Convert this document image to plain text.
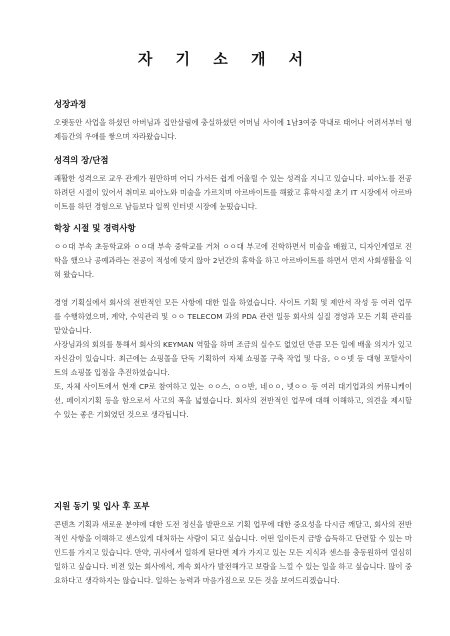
자 기 소 개 서
성장과정

오랫동안 사업을 하셨던 아버님과 집안살림에 충실하셨던 어머님 사이에 1남3여중 막내로 태어나 어려서부터 형제들간의 우애를 쌓으며 자라왔습니다.

성격의 장/단점

쾌활한 성격으로 교우 관계가 원만하며 어디 가서든 쉽게 어울릴 수 있는 성격을 지니고 있습니다. 피아노를 전공하려던 시절이 있어서 취미로 피아노와 미술을 가르치며 아르바이트를 해왔고 휴학시절 초기 IT 시장에서 아르바이트를 하던 경험으로 남들보다 일찍 인터넷 시장에 눈떴습니다.

학창 시절 및 경력사항

ㅇㅇ대 부속 초등학교와 ㅇㅇ대 부속 중학교를 거쳐 ㅇㅇ대 부고에 진학하면서 미술을 배웠고, 디자인계열로 진학을 했으나 공예과라는 전공이 적성에 맞지 않아 2년간의 휴학을 하고 아르바이트를 하면서 먼저 사회생활을 익혀 왔습니다.

경영 기획실에서 회사의 전반적인 모든 사항에 대한 일을 하였습니다. 사이트 기획 및 제안서 작성 등 여러 업무를 수행하였으며, 계약, 수익관리 및 ㅇㅇ TELECOM 과의 PDA 관련 일등 회사의 실질 경영과 모든 기획 관리를 맡았습니다.

사장님과의 회의를 통해서 회사의 KEYMAN 역할을 하며 조금의 실수도 없었던 만큼 모든 일에 배울 의지가 있고 자신감이 있습니다. 최근에는 쇼핑몰을 단독 기획하여 자체 쇼핑몰 구축 작업 및 다음, ㅇㅇ넷 등 대형 포탈사이트의 쇼핑몰 입점을 추진하였습니다.

또, 자체 사이트에서 현재 CP로 참여하고 있는 ㅇㅇ스, ㅇㅇ반, 네ㅇㅇ, 넷ㅇㅇ 등 여러 대기업과의 커뮤니케이션, 페이지기획 등을 함으로서 사고의 폭을 넓혔습니다. 회사의 전반적인 업무에 대해 이해하고, 의견을 제시할 수 있는 좋은 기회였던 것으로 생각됩니다.

지원 동기 및 입사 후 포부

콘텐츠 기획과 새로운 분야에 대한 도전 정신을 발판으로 기획 업무에 대한 중요성을 다시금 깨달고, 회사의 전반적인 사항을 이해하고 센스있게 대처하는 사람이 되고 싶습니다. 어떤 일이든지 금방 습득하고 단련할 수 있는 마인드를 가지고 있습니다. 만약, 귀사에서 일하게 된다면 제가 가지고 있는 모든 지식과 센스를 충동원하여 열심히 일하고 싶습니다. 비젼 있는 회사에서, 계속 회사가 발전해가고 보람을 느낄 수 있는 일을 하고 싶습니다. 많이 중요하다고 생각하지는 않습니다. 일하는 능력과 마음가짐으로 모든 것을 보여드리겠습니다.
